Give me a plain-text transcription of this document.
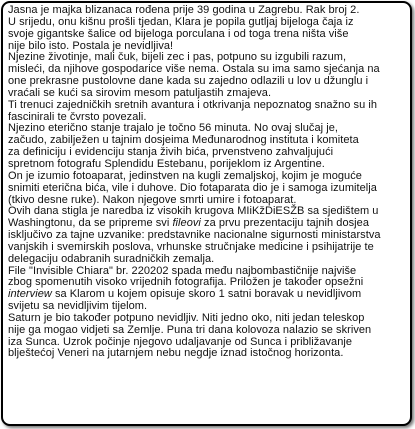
Jasna je majka blizanaca rođena prije 39 godina u Zagrebu. Rak broj 2.
U srijedu, onu kišnu prošli tjedan, Klara je popila gutljaj bijeloga čaja iz
svoje gigantske šalice od bijeloga porculana i od toga trena ništa više
nije bilo isto. Postala je nevidljiva!
Njezine životinje, mali čuk, bijeli zec i pas, potpuno su izgubili razum,
misleći, da njihove gospodarice više nema. Ostala su ima samo sjećanja na
one prekrasne pustolovne dane kada su zajedno odlazili u lov u džunglu i
vraćali se kući sa sirovim mesom patuljastih zmajeva.
Ti trenuci zajedničkih sretnih avantura i otkrivanja nepoznatog snažno su ih
fascinirali te čvrsto povezali.
Njezino eterično stanje trajalo je točno 56 minuta. No ovaj slučaj je,
začudo, zabilježen u tajnim dosjeima Međunarodnog instituta i komiteta
za definiciju i evidenciju stanja živih bića, prvenstveno zahvaljujući
spretnom fotografu Splendidu Estebanu, porijeklom iz Argentine.
On je izumio fotoaparat, jedinstven na kugli zemaljskoj, kojim je moguće
snimiti eterična bića, vile i duhove. Dio fotaparata dio je i samoga izumitelja
(tkivo desne ruke). Nakon njegove smrti umire i fotoaparat.
Ovih dana stigla je naredba iz visokih krugova MIiKžDiESŽB sa sjedištem u
Washingtonu, da se pripreme svi fileovi za prvu prezentaciju tajnih dosjea
isključivo za tajne uzvanike: predstavnike nacionalne sigurnosti ministarstva
vanjskih i svemirskih poslova, vrhunske stručnjake medicine i psihijatrije te
delegaciju odabranih suradničkih zemalja.
File "Invisible Chiara" br. 220202 spada među najbombastičnije najviše
zbog spomenutih visoko vrijednih fotografija. Priložen je također opsežni
interview sa Klarom u kojem opisuje skoro 1 satni boravak u nevidljivom
svijetu sa nevidljivim tijelom.
Saturn je bio također potpuno nevidljiv. Niti jedno oko, niti jedan teleskop
nije ga mogao vidjeti sa Zemlje. Puna tri dana kolovoza nalazio se skriven
iza Sunca. Uzrok počinje njegovo udaljavanje od Sunca i približavanje
blještećoj Veneri na jutarnjem nebu negdje iznad istočnog horizonta.
